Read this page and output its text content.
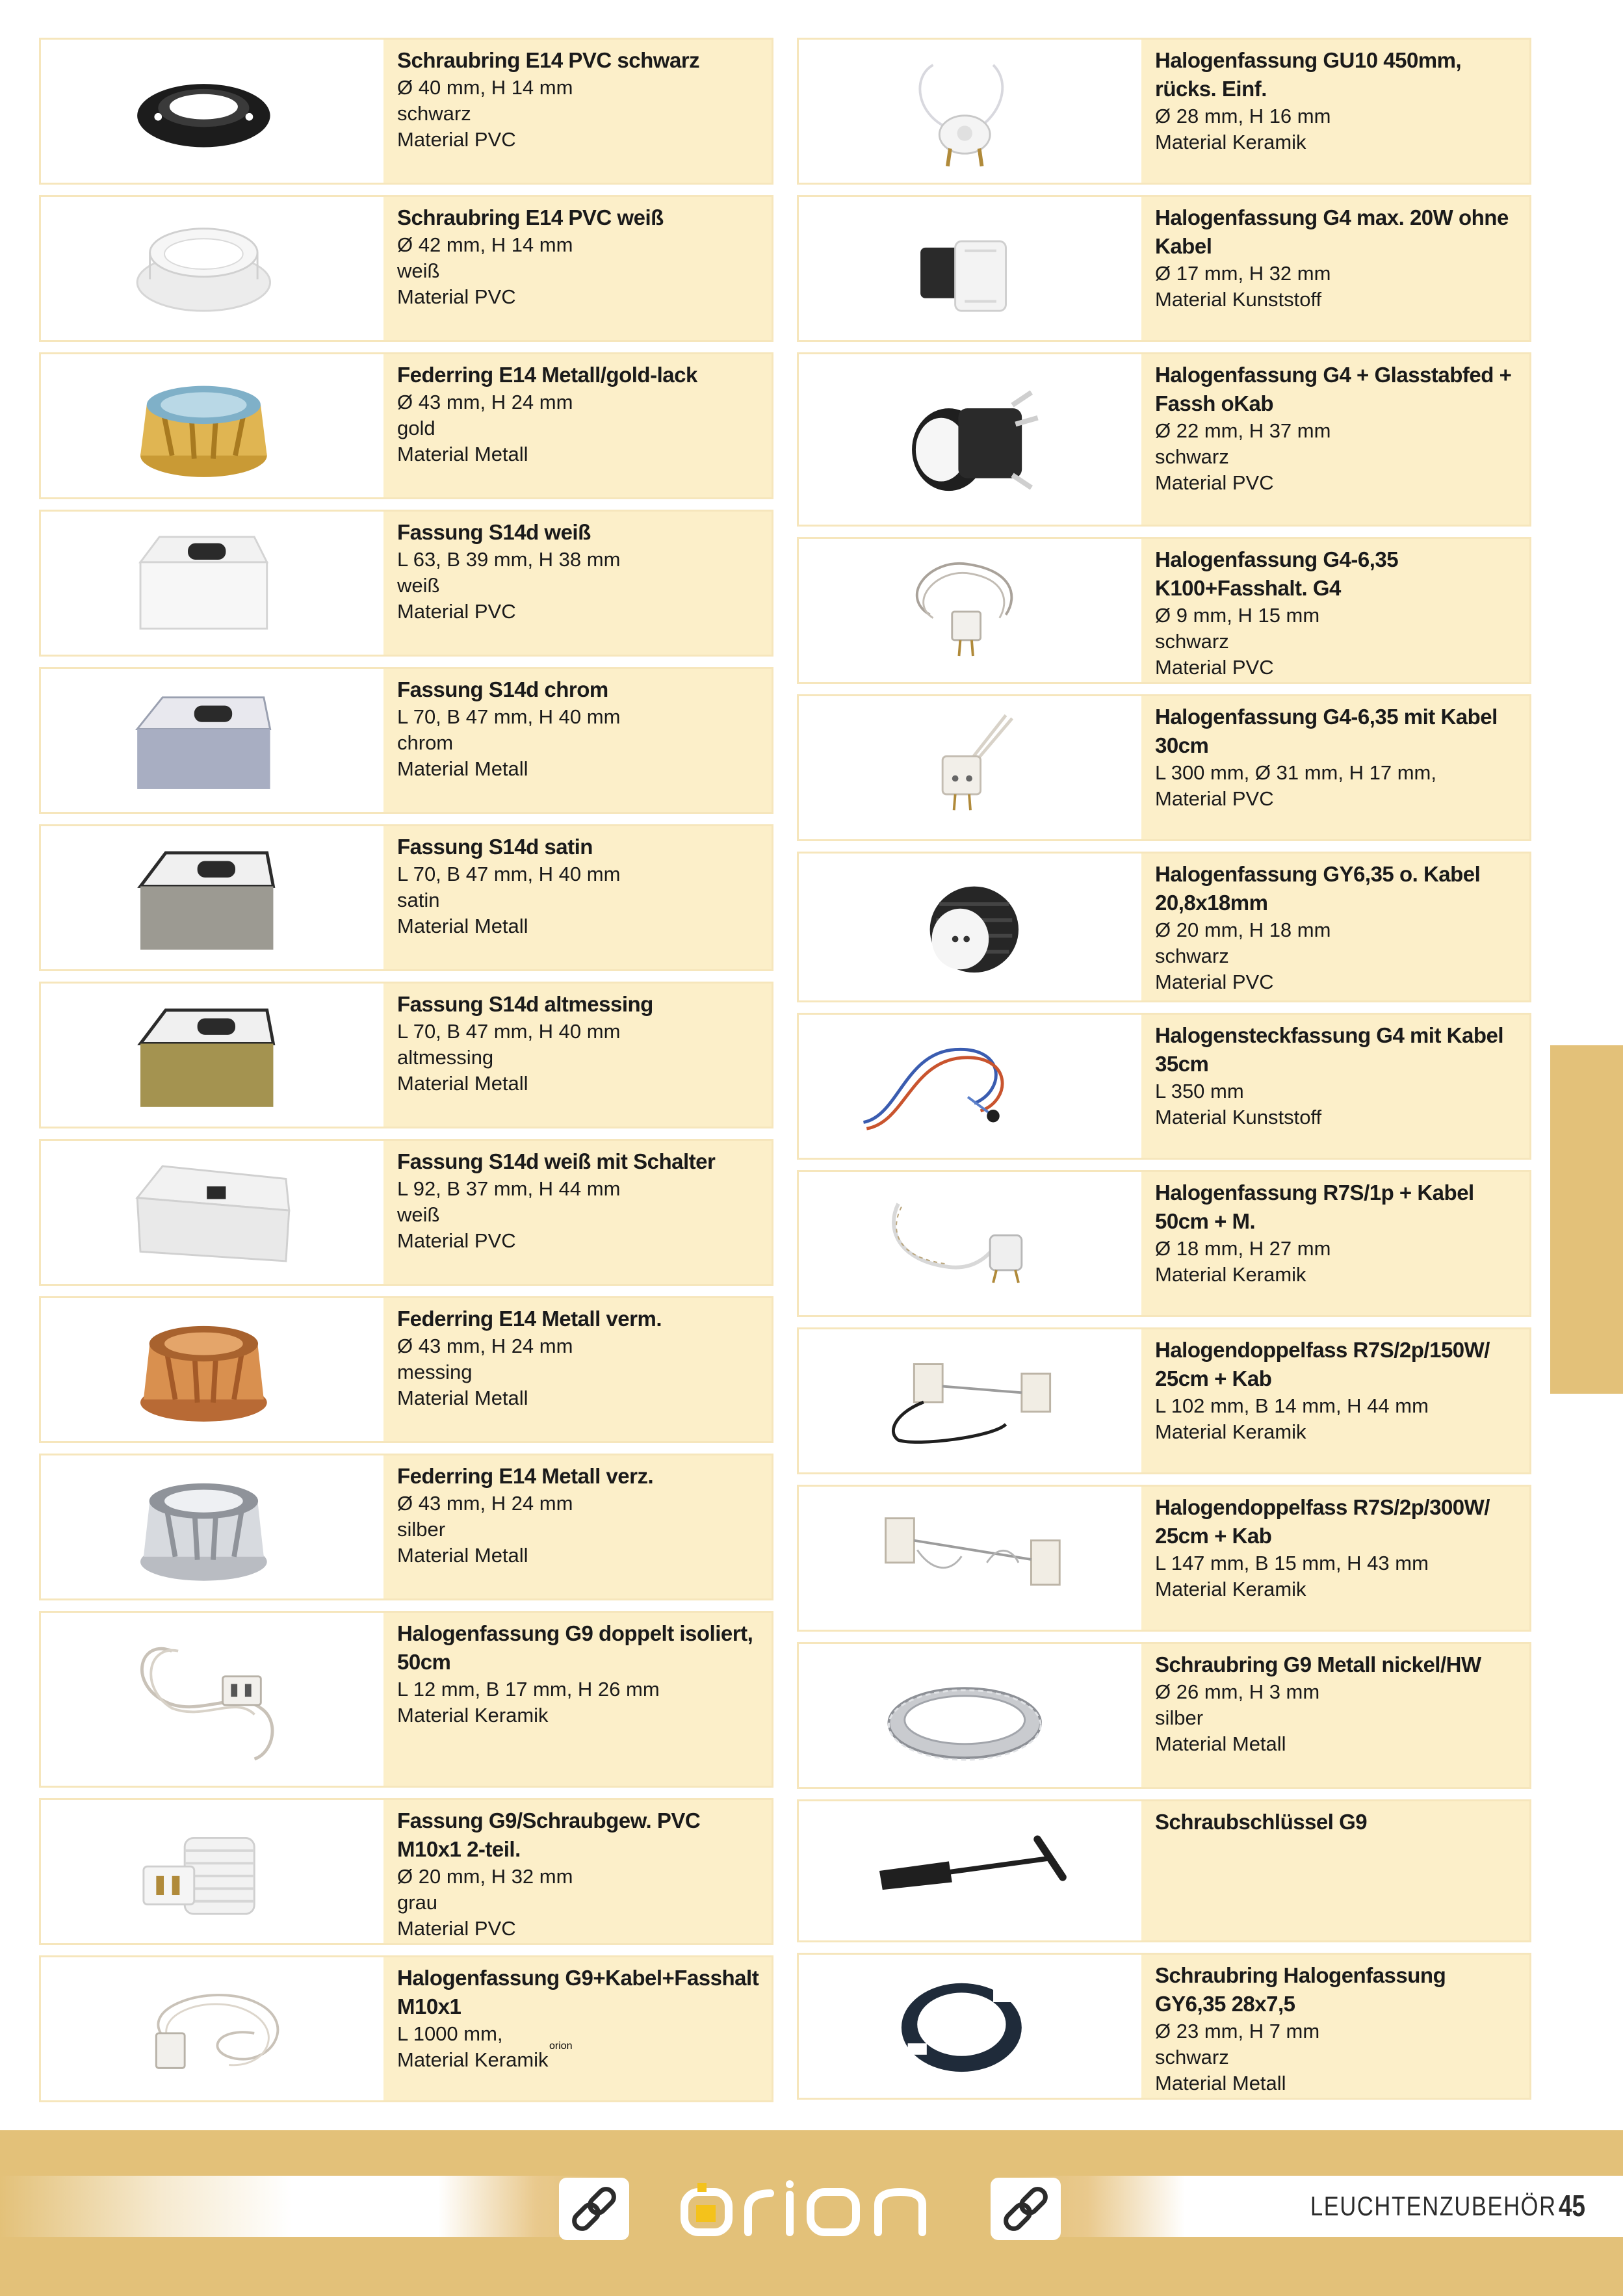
Schraubring E14 PVC schwarz
Ø 40 mm, H 14 mm
schwarz
Material PVC
Schraubring E14 PVC weiß
Ø 42 mm, H 14 mm
weiß
Material PVC
Federring E14 Metall/gold-lack
Ø 43 mm, H 24 mm
gold
Material Metall
Fassung S14d weiß
L 63, B 39 mm, H 38 mm
weiß
Material PVC
Fassung S14d chrom
L 70, B 47 mm, H 40 mm
chrom
Material Metall
Fassung S14d satin
L 70, B 47 mm, H 40 mm
satin
Material Metall
Fassung S14d altmessing
L 70, B 47 mm, H 40 mm
altmessing
Material Metall
Fassung S14d weiß mit Schalter
L 92, B 37 mm, H 44 mm
weiß
Material PVC
Federring E14 Metall verm.
Ø 43 mm, H 24 mm
messing
Material Metall
Federring E14 Metall verz.
Ø 43 mm, H 24 mm
silber
Material Metall
Halogenfassung G9 doppelt isoliert, 50cm
L 12 mm, B 17 mm, H 26 mm
Material Keramik
Fassung G9/Schraubgew. PVC M10x1 2-teil.
Ø 20 mm, H 32 mm
grau
Material PVC
Halogenfassung G9+Kabel+Fasshalt M10x1
L 1000 mm,
Material Keramik
Halogenfassung GU10 450mm, rücks. Einf.
Ø 28 mm, H 16 mm
Material Keramik
Halogenfassung G4 max. 20W ohne Kabel
Ø 17 mm, H 32 mm
Material Kunststoff
Halogenfassung G4 + Glasstabfed + Fassh oKab
Ø 22 mm, H 37 mm
schwarz
Material PVC
Halogenfassung G4-6,35 K100+Fasshalt. G4
Ø 9 mm, H 15 mm
schwarz
Material PVC
Halogenfassung G4-6,35 mit Kabel 30cm
L 300 mm, Ø 31 mm, H 17 mm,
Material PVC
Halogenfassung GY6,35 o. Kabel 20,8x18mm
Ø 20 mm, H 18 mm
schwarz
Material PVC
Halogensteckfassung G4 mit Kabel 35cm
L 350 mm
Material Kunststoff
Halogenfassung R7S/1p + Kabel 50cm + M.
Ø 18 mm, H 27 mm
Material Keramik
Halogendoppelfass R7S/2p/150W/ 25cm + Kab
L 102 mm, B 14 mm, H 44 mm
Material Keramik
Halogendoppelfass R7S/2p/300W/ 25cm + Kab
L 147 mm, B 15 mm, H 43 mm
Material Keramik
Schraubring G9 Metall nickel/HW
Ø 26 mm, H 3 mm
silber
Material Metall
Schraubschlüssel G9
Schraubring Halogenfassung GY6,35 28x7,5
Ø 23 mm, H 7 mm
schwarz
Material Metall
orion
LEUCHTENZUBEHÖR 45
